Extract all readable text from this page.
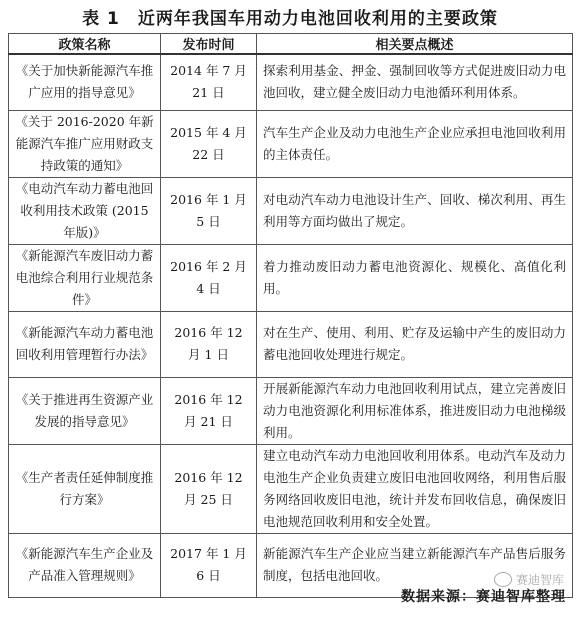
表 1　近两年我国车用动力电池回收利用的主要政策
政策名称	发布时间	相关要点概述
《关于加快新能源汽车推广应用的指导意见》	2014 年 7 月 21 日	探索利用基金、押金、强制回收等方式促进废旧动力电池回收，建立健全废旧动力电池循环利用体系。
《关于 2016-2020 年新能源汽车推广应用财政支持政策的通知》	2015 年 4 月 22 日	汽车生产企业及动力电池生产企业应承担电池回收利用的主体责任。
《电动汽车动力蓄电池回收利用技术政策 (2015 年版)》	2016 年 1 月 5 日	对电动汽车动力电池设计生产、回收、梯次利用、再生利用等方面均做出了规定。
《新能源汽车废旧动力蓄电池综合利用行业规范条件》	2016 年 2 月 4 日	着力推动废旧动力蓄电池资源化、规模化、高值化利用。
《新能源汽车动力蓄电池回收利用管理暂行办法》	2016 年 12 月 1 日	对在生产、使用、利用、贮存及运输中产生的废旧动力蓄电池回收处理进行规定。
《关于推进再生资源产业发展的指导意见》	2016 年 12 月 21 日	开展新能源汽车动力电池回收利用试点，建立完善废旧动力电池资源化利用标准体系，推进废旧动力电池梯级利用。
《生产者责任延伸制度推行方案》	2016 年 12 月 25 日	建立电动汽车动力电池回收利用体系。电动汽车及动力电池生产企业负责建立废旧电池回收网络，利用售后服务网络回收废旧电池，统计并发布回收信息，确保废旧电池规范回收利用和安全处置。
《新能源汽车生产企业及产品准入管理规则》	2017 年 1 月 6 日	新能源汽车生产企业应当建立新能源汽车产品售后服务制度，包括电池回收。	赛迪智库
数据来源：赛迪智库整理
